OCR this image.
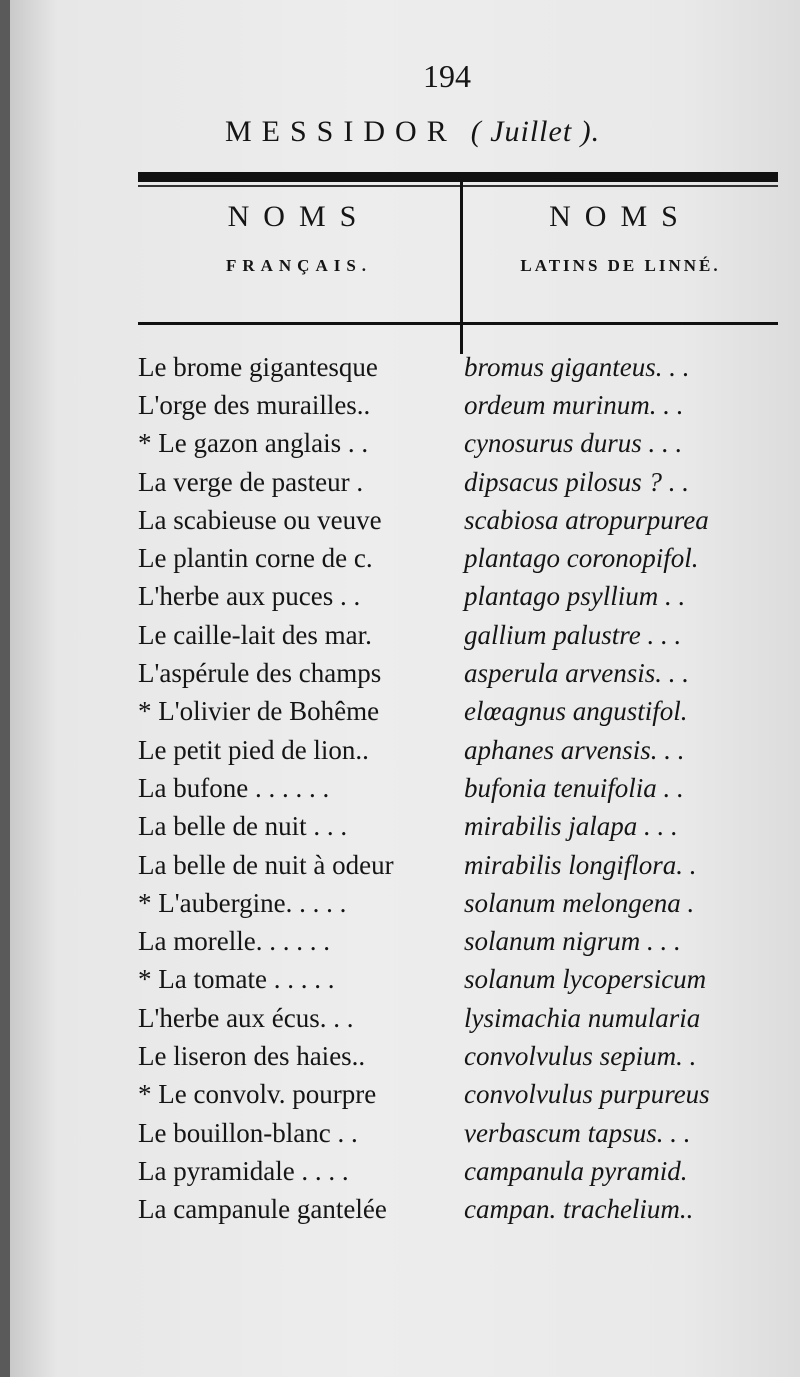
194
MESSIDOR ( Juillet ).
NOMS
FRANÇAIS.
NOMS
LATINS DE LINNÉ.
Le brome gigantesque	bromus giganteus. . .
L'orge des murailles..	ordeum murinum. . .
* Le gazon anglais . .	cynosurus durus . . .
La verge de pasteur .	dipsacus pilosus ? . .
La scabieuse ou veuve	scabiosa atropurpurea
Le plantin corne de c.	plantago coronopifol.
L'herbe aux puces . .	plantago psyllium . .
Le caille-lait des mar.	gallium palustre . . .
L'aspérule des champs	asperula arvensis. . .
* L'olivier de Bohême	elœagnus angustifol.
Le petit pied de lion..	aphanes arvensis. . .
La bufone . . . . . .	bufonia tenuifolia . .
La belle de nuit . . .	mirabilis jalapa . . .
La belle de nuit à odeur	mirabilis longiflora. .
* L'aubergine. . . . .	solanum melongena .
La morelle. . . . . .	solanum nigrum . . .
* La tomate . . . . .	solanum lycopersicum
L'herbe aux écus. . .	lysimachia numularia
Le liseron des haies..	convolvulus sepium. .
* Le convolv. pourpre	convolvulus purpureus
Le bouillon-blanc . .	verbascum tapsus. . .
La pyramidale . . . .	campanula pyramid.
La campanule gantelée	campan. trachelium..
